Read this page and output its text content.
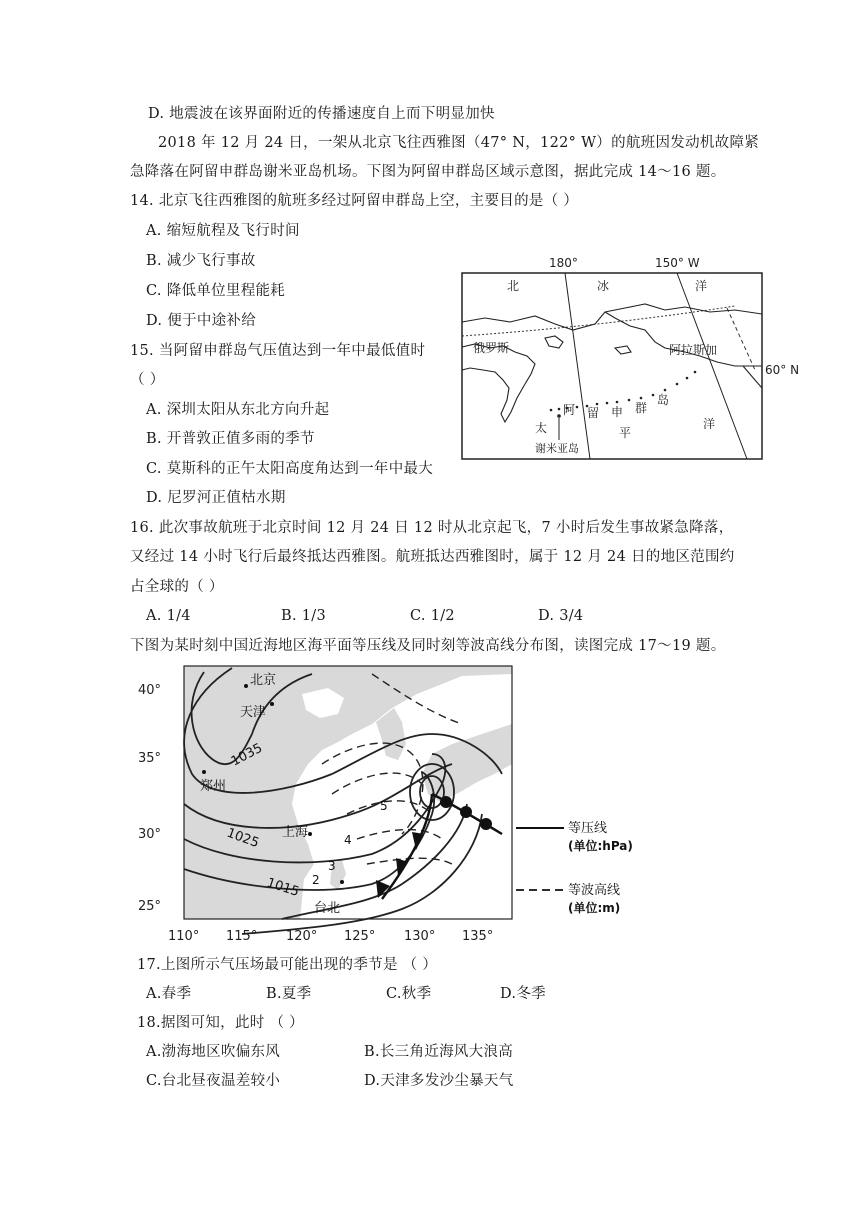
D. 地震波在该界面附近的传播速度自上而下明显加快
2018 年 12 月 24 日，一架从北京飞往西雅图（47° N，122° W）的航班因发动机故障紧
急降落在阿留申群岛谢米亚岛机场。下图为阿留申群岛区域示意图，据此完成 14～16 题。
14. 北京飞往西雅图的航班多经过阿留申群岛上空，主要目的是（ ）
A. 缩短航程及飞行时间
B. 减少飞行事故
C. 降低单位里程能耗
D. 便于中途补给
15. 当阿留申群岛气压值达到一年中最低值时
（ ）
A. 深圳太阳从东北方向升起
B. 开普敦正值多雨的季节
C. 莫斯科的正午太阳高度角达到一年中最大
D. 尼罗河正值枯水期
16. 此次事故航班于北京时间 12 月 24 日 12 时从北京起飞，7 小时后发生事故紧急降落，
又经过 14 小时飞行后最终抵达西雅图。航班抵达西雅图时，属于 12 月 24 日的地区范围约
占全球的（ ）
A. 1/4	B. 1/3	C. 1/2	D. 3/4
下图为某时刻中国近海地区海平面等压线及同时刻等波高线分布图，读图完成 17～19 题。
17.上图所示气压场最可能出现的季节是 （ ）
A.春季	B.夏季	C.秋季	D.冬季
18.据图可知，此时 （ ）
A.渤海地区吹偏东风	B.长三角近海风大浪高
C.台北昼夜温差较小	D.天津多发沙尘暴天气
180°	150° W
60° N
北	冰	洋
俄罗斯	阿拉斯加
阿 留 申 群
岛
太	平
洋
谢米亚岛
40°
35°
30°
25°
110° 115° 120° 125° 130° 135°
北京
天津
郑州
上海
台北
1035
1025
1015
5
4
3
2
等压线
(单位:hPa)
等波高线
(单位:m)
